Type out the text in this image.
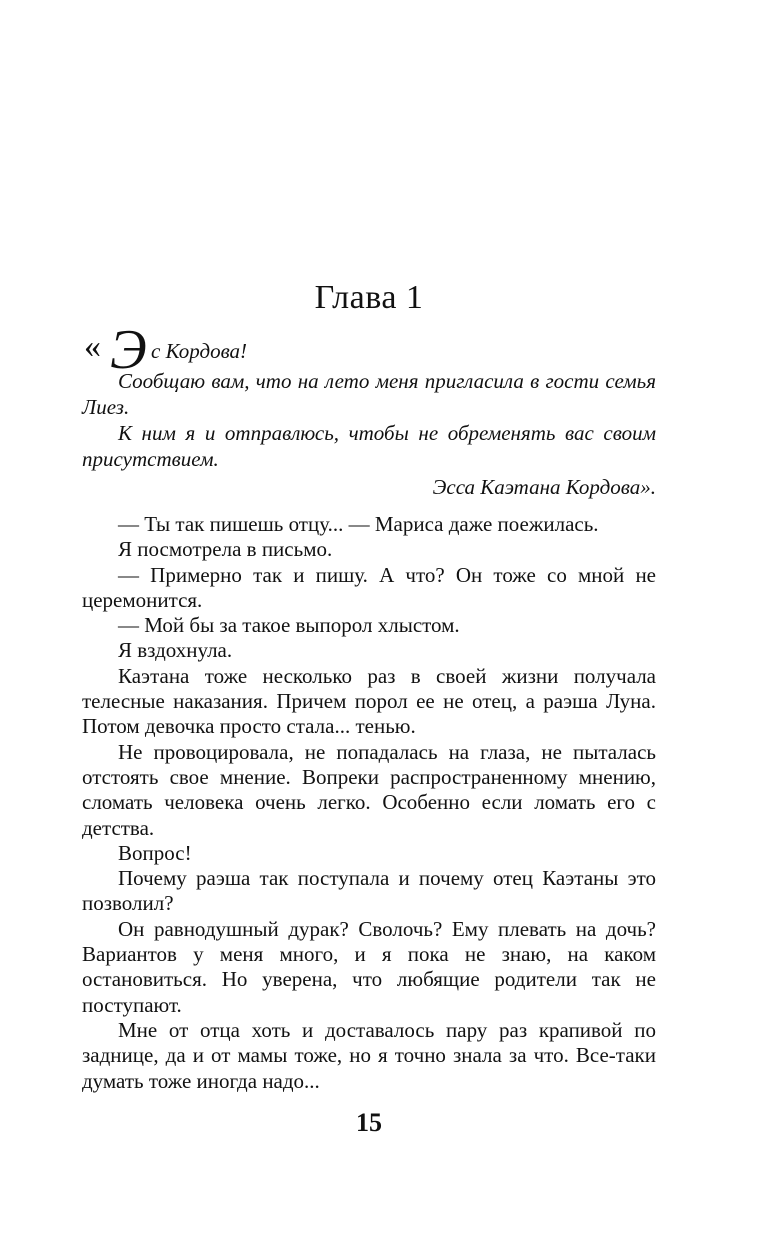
Глава 1
« Э с Кордова!

Сообщаю вам, что на лето меня пригласила в гости семья Лиез.

К ним я и отправлюсь, чтобы не обременять вас своим присутствием.

Эсса Каэтана Кордова».

— Ты так пишешь отцу... — Мариса даже поежилась.

Я посмотрела в письмо.

— Примерно так и пишу. А что? Он тоже со мной не церемонится.

— Мой бы за такое выпорол хлыстом.

Я вздохнула.

Каэтана тоже несколько раз в своей жизни получала телесные наказания. Причем порол ее не отец, а раэша Луна. Потом девочка просто стала... тенью.

Не провоцировала, не попадалась на глаза, не пыталась отстоять свое мнение. Вопреки распространенному мнению, сломать человека очень легко. Особенно если ломать его с детства.

Вопрос!

Почему раэша так поступала и почему отец Каэтаны это позволил?

Он равнодушный дурак? Сволочь? Ему плевать на дочь? Вариантов у меня много, и я пока не знаю, на каком остановиться. Но уверена, что любящие родители так не поступают.

Мне от отца хоть и доставалось пару раз крапивой по заднице, да и от мамы тоже, но я точно знала за что. Все-таки думать тоже иногда надо...

15
